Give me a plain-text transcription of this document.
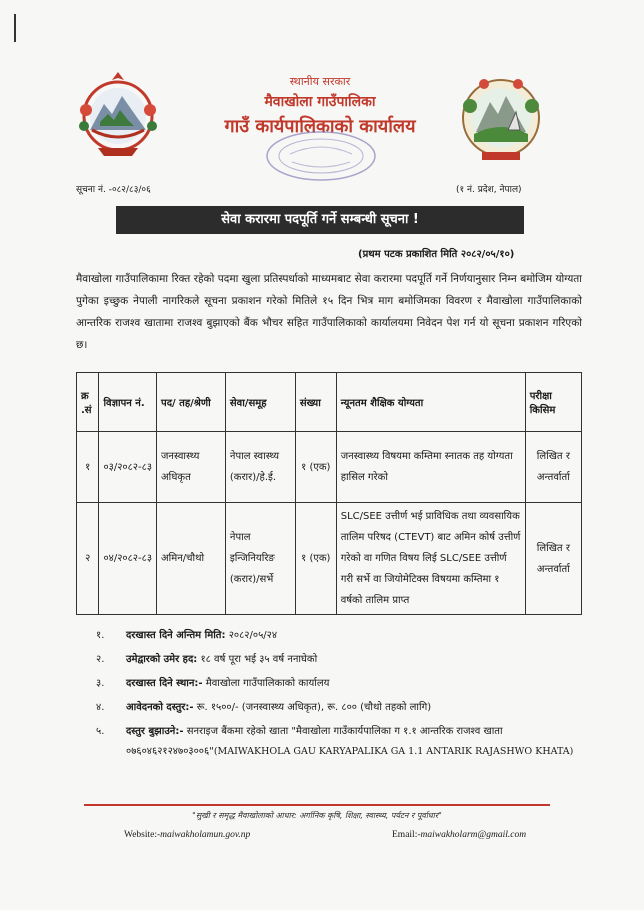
स्थानीय सरकार
मैवाखोला गाउँपालिका
गाउँ कार्यपालिकाको कार्यालय
सूचना नं. -०८२/८३/०६	(१ नं. प्रदेश, नेपाल)
सेवा करारमा पदपूर्ति गर्ने सम्बन्धी सूचना !
(प्रथम पटक प्रकाशित मिति २०८२/०५/१०)
मैवाखोला गाउँपालिकामा रिक्त रहेको पदमा खुला प्रतिस्पर्धाको माध्यमबाट सेवा करारमा पदपूर्ति गर्ने निर्णयानुसार निम्न बमोजिम योग्यता पुगेका इच्छुक नेपाली नागरिकले सूचना प्रकाशन गरेको मितिले १५ दिन भित्र माग बमोजिमका विवरण र मैवाखोला गाउँपालिकाको आन्तरिक राजश्व खातामा राजश्व बुझाएको बैंक भौचर सहित गाउँपालिकाको कार्यालयमा निवेदन पेश गर्न यो सूचना प्रकाशन गरिएको छ।
क्र .सं	विज्ञापन नं.	पद/ तह/श्रेणी	सेवा/समूह	संख्या	न्यूनतम शैक्षिक योग्यता	परीक्षा किसिम
१	०३/२०८२-८३	जनस्वास्थ्य अधिकृत	नेपाल स्वास्थ्य (करार)/हे.ई.	१ (एक)	जनस्वास्थ्य विषयमा कम्तिमा स्नातक तह योग्यता हासिल गरेको	लिखित र अन्तर्वार्ता
२	०४/२०८२-८३	अमिन/चौथो	नेपाल इन्जिनियरिङ (करार)/सर्भे	१ (एक)	SLC/SEE उत्तीर्ण भई प्राविधिक तथा व्यवसायिक तालिम परिषद (CTEVT) बाट अमिन कोर्ष उत्तीर्ण गरेको वा गणित विषय लिई SLC/SEE उत्तीर्ण गरी सर्भे वा जियोमेटिक्स विषयमा कम्तिमा १ वर्षको तालिम प्राप्त	लिखित र अन्तर्वार्ता
१. दरखास्त दिने अन्तिम मिति: २०८२/०५/२४
२. उमेद्वारको उमेर हद: १८ वर्ष पूरा भई ३५ वर्ष ननाघेको
३. दरखास्त दिने स्थान:- मैवाखोला गाउँपालिकाको कार्यालय
४. आवेदनको दस्तुर:- रू. १५००/- (जनस्वास्थ्य अधिकृत), रू. ८०० (चौथो तहको लागि)
५. दस्तुर बुझाउने:- सनराइज बैंकमा रहेको खाता "मैवाखोला गाउँकार्यपालिका ग १.१ आन्तरिक राजश्व खाता ०७६०४६२१२४७०३००६"(MAIWAKHOLA GAU KARYAPALIKA GA 1.1 ANTARIK RAJASHWO KHATA)
"सुखी र समृद्ध मैवाखोलाको आधार: अर्गानिक कृषि, शिक्षा, स्वास्थ्य, पर्यटन र पूर्वाधार"
Website:-maiwakholamun.gov.np	Email:-maiwakholarm@gmail.com
